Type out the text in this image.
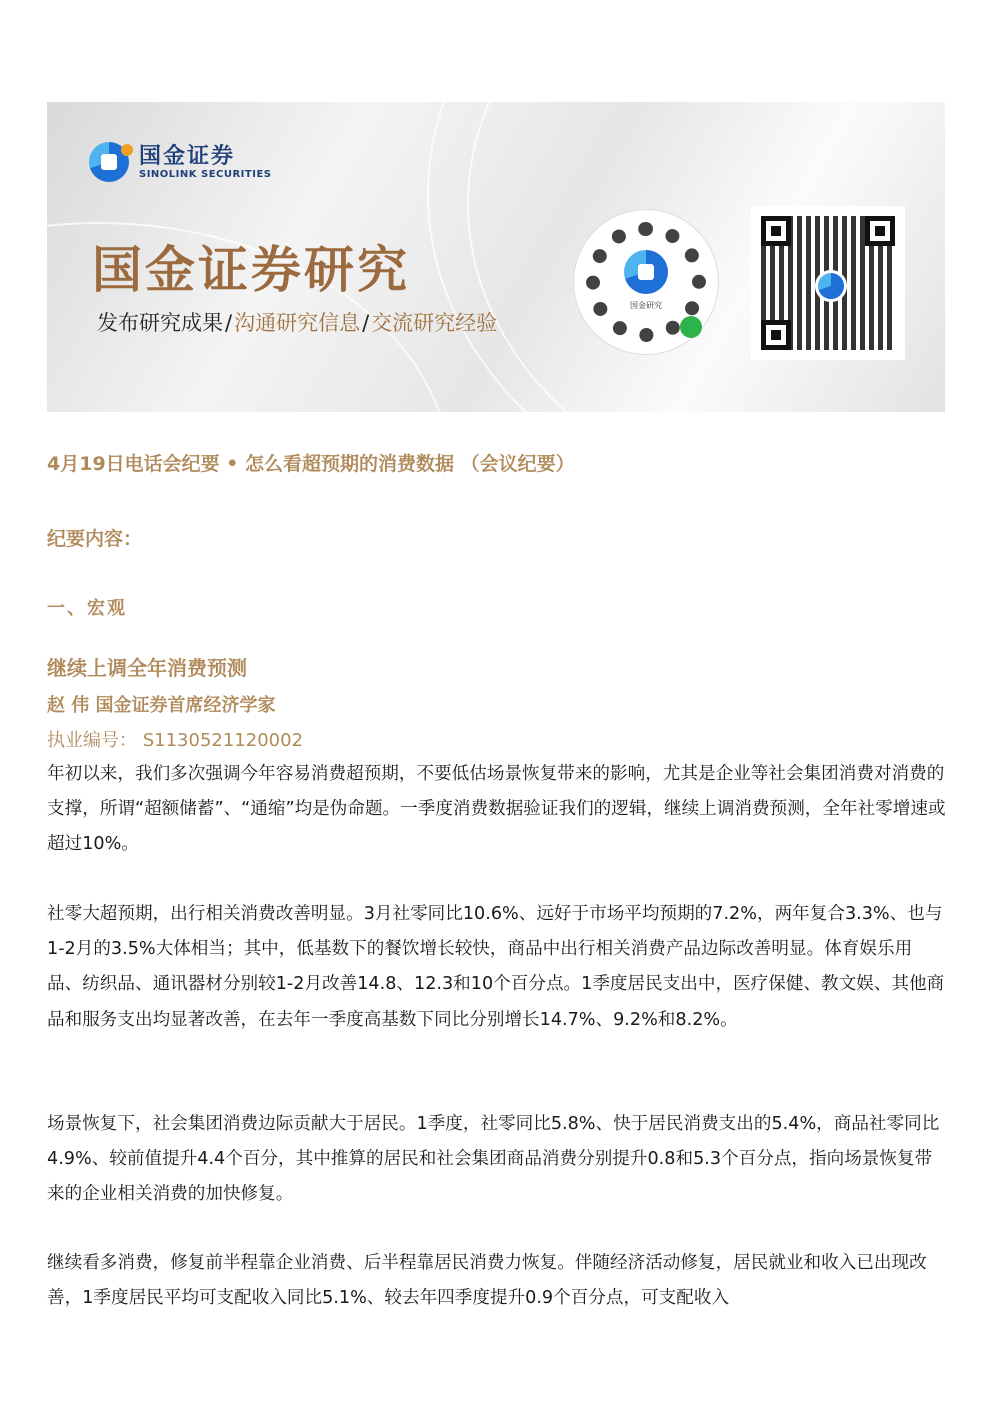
国金证券
SINOLINK SECURITIES
国金证券研究
发布研究成果/沟通研究信息/交流研究经验
国金研究
4月19日电话会纪要 • 怎么看超预期的消费数据 （会议纪要）
纪要内容：
一、宏观
继续上调全年消费预测
赵 伟 国金证券首席经济学家
执业编号： S1130521120002
年初以来，我们多次强调今年容易消费超预期，不要低估场景恢复带来的影响，尤其是企业等社会集团消费对消费的支撑，所谓“超额储蓄”、“通缩”均是伪命题。一季度消费数据验证我们的逻辑，继续上调消费预测，全年社零增速或超过10%。
社零大超预期，出行相关消费改善明显。3月社零同比10.6%、远好于市场平均预期的7.2%，两年复合3.3%、也与1-2月的3.5%大体相当；其中，低基数下的餐饮增长较快，商品中出行相关消费产品边际改善明显。体育娱乐用品、纺织品、通讯器材分别较1-2月改善14.8、12.3和10个百分点。1季度居民支出中，医疗保健、教文娱、其他商品和服务支出均显著改善，在去年一季度高基数下同比分别增长14.7%、9.2%和8.2%。
场景恢复下，社会集团消费边际贡献大于居民。1季度，社零同比5.8%、快于居民消费支出的5.4%，商品社零同比4.9%、较前值提升4.4个百分，其中推算的居民和社会集团商品消费分别提升0.8和5.3个百分点，指向场景恢复带来的企业相关消费的加快修复。
继续看多消费，修复前半程靠企业消费、后半程靠居民消费力恢复。伴随经济活动修复，居民就业和收入已出现改善，1季度居民平均可支配收入同比5.1%、较去年四季度提升0.9个百分点，可支配收入
